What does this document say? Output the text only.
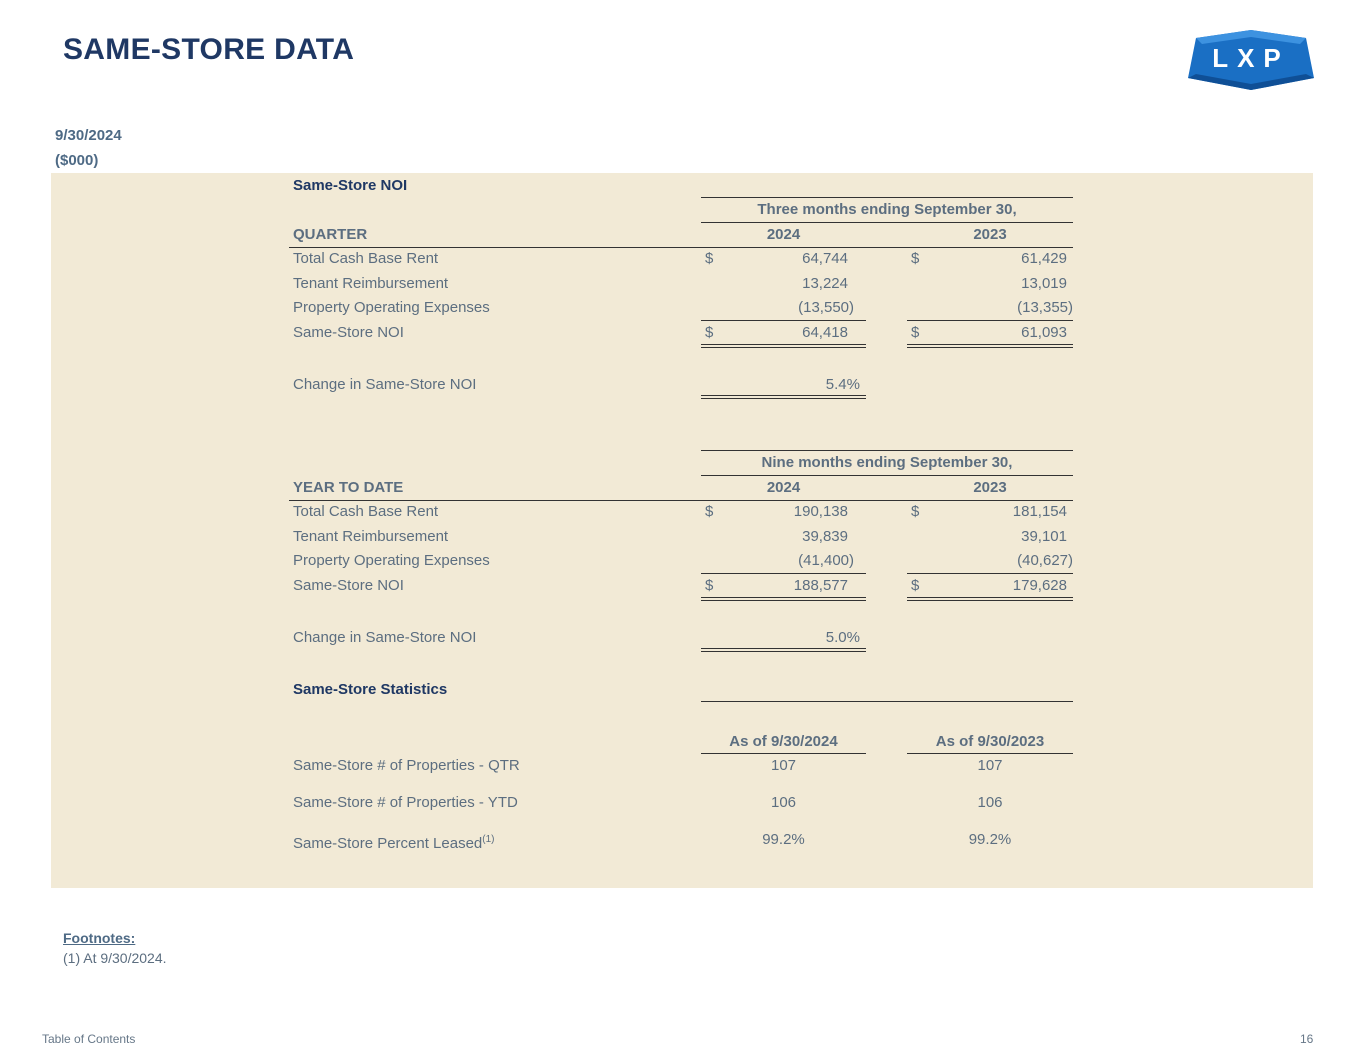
SAME-STORE DATA	LXP
9/30/2024
($000)
Same-Store NOI
Three months ending September 30,
QUARTER	2024	2023
Total Cash Base Rent	$	64,744	$	61,429
Tenant Reimbursement	13,224	13,019
Property Operating Expenses	(13,550)	(13,355)
Same-Store NOI	$	64,418	$	61,093
Change in Same-Store NOI	5.4%
Nine months ending September 30,
YEAR TO DATE	2024	2023
Total Cash Base Rent	$	190,138	$	181,154
Tenant Reimbursement	39,839	39,101
Property Operating Expenses	(41,400)	(40,627)
Same-Store NOI	$	188,577	$	179,628
Change in Same-Store NOI	5.0%
Same-Store Statistics
As of 9/30/2024	As of 9/30/2023
Same-Store # of Properties - QTR	107	107
Same-Store # of Properties - YTD	106	106
Same-Store Percent Leased$^{(1)}$	99.2%	99.2%
Footnotes:
(1) At 9/30/2024.
Table of Contents	16
